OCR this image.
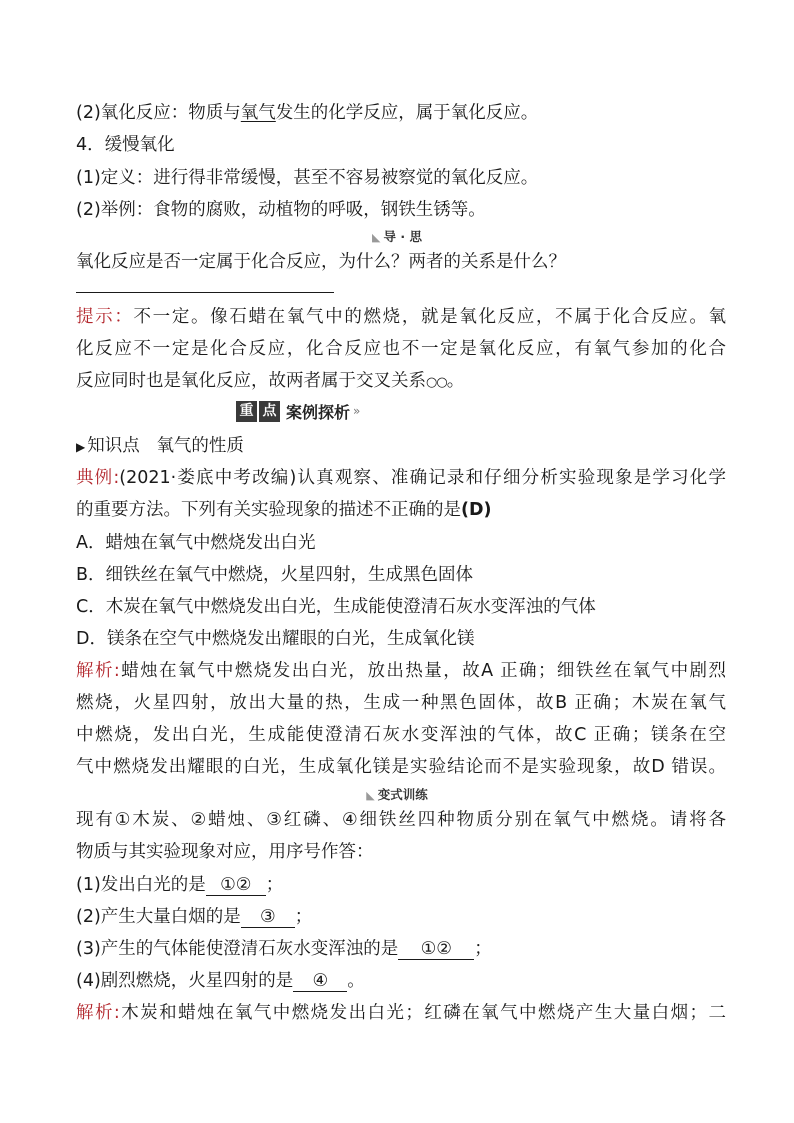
(2)氧化反应：物质与氧气发生的化学反应，属于氧化反应。
4．缓慢氧化
(1)定义：进行得非常缓慢，甚至不容易被察觉的氧化反应。
(2)举例：食物的腐败，动植物的呼吸，钢铁生锈等。
◣ 导 · 思
氧化反应是否一定属于化合反应，为什么？两者的关系是什么？
提示：不一定。像石蜡在氧气中的燃烧，就是氧化反应，不属于化合反应。氧
化反应不一定是化合反应，化合反应也不一定是氧化反应，有氧气参加的化合
反应同时也是氧化反应，故两者属于交叉关系○○。
重 点 案例探析 »
▶ 知识点 氧气的性质
典例:(2021·娄底中考改编)认真观察、准确记录和仔细分析实验现象是学习化学
的重要方法。下列有关实验现象的描述不正确的是(D)
A．蜡烛在氧气中燃烧发出白光
B．细铁丝在氧气中燃烧，火星四射，生成黑色固体
C．木炭在氧气中燃烧发出白光，生成能使澄清石灰水变浑浊的气体
D．镁条在空气中燃烧发出耀眼的白光，生成氧化镁
解析:蜡烛在氧气中燃烧发出白光，放出热量，故A 正确；细铁丝在氧气中剧烈
燃烧，火星四射，放出大量的热，生成一种黑色固体，故B 正确；木炭在氧气
中燃烧，发出白光，生成能使澄清石灰水变浑浊的气体，故C 正确；镁条在空
气中燃烧发出耀眼的白光，生成氧化镁是实验结论而不是实验现象，故D 错误。
◣ 变式训练
现有①木炭、②蜡烛、③红磷、④细铁丝四种物质分别在氧气中燃烧。请将各
物质与其实验现象对应，用序号作答：
(1)发出白光的是 ①② ；
(2)产生大量白烟的是 ③ ；
(3)产生的气体能使澄清石灰水变浑浊的是 ①② ；
(4)剧烈燃烧，火星四射的是 ④ 。
解析:木炭和蜡烛在氧气中燃烧发出白光；红磷在氧气中燃烧产生大量白烟；二
